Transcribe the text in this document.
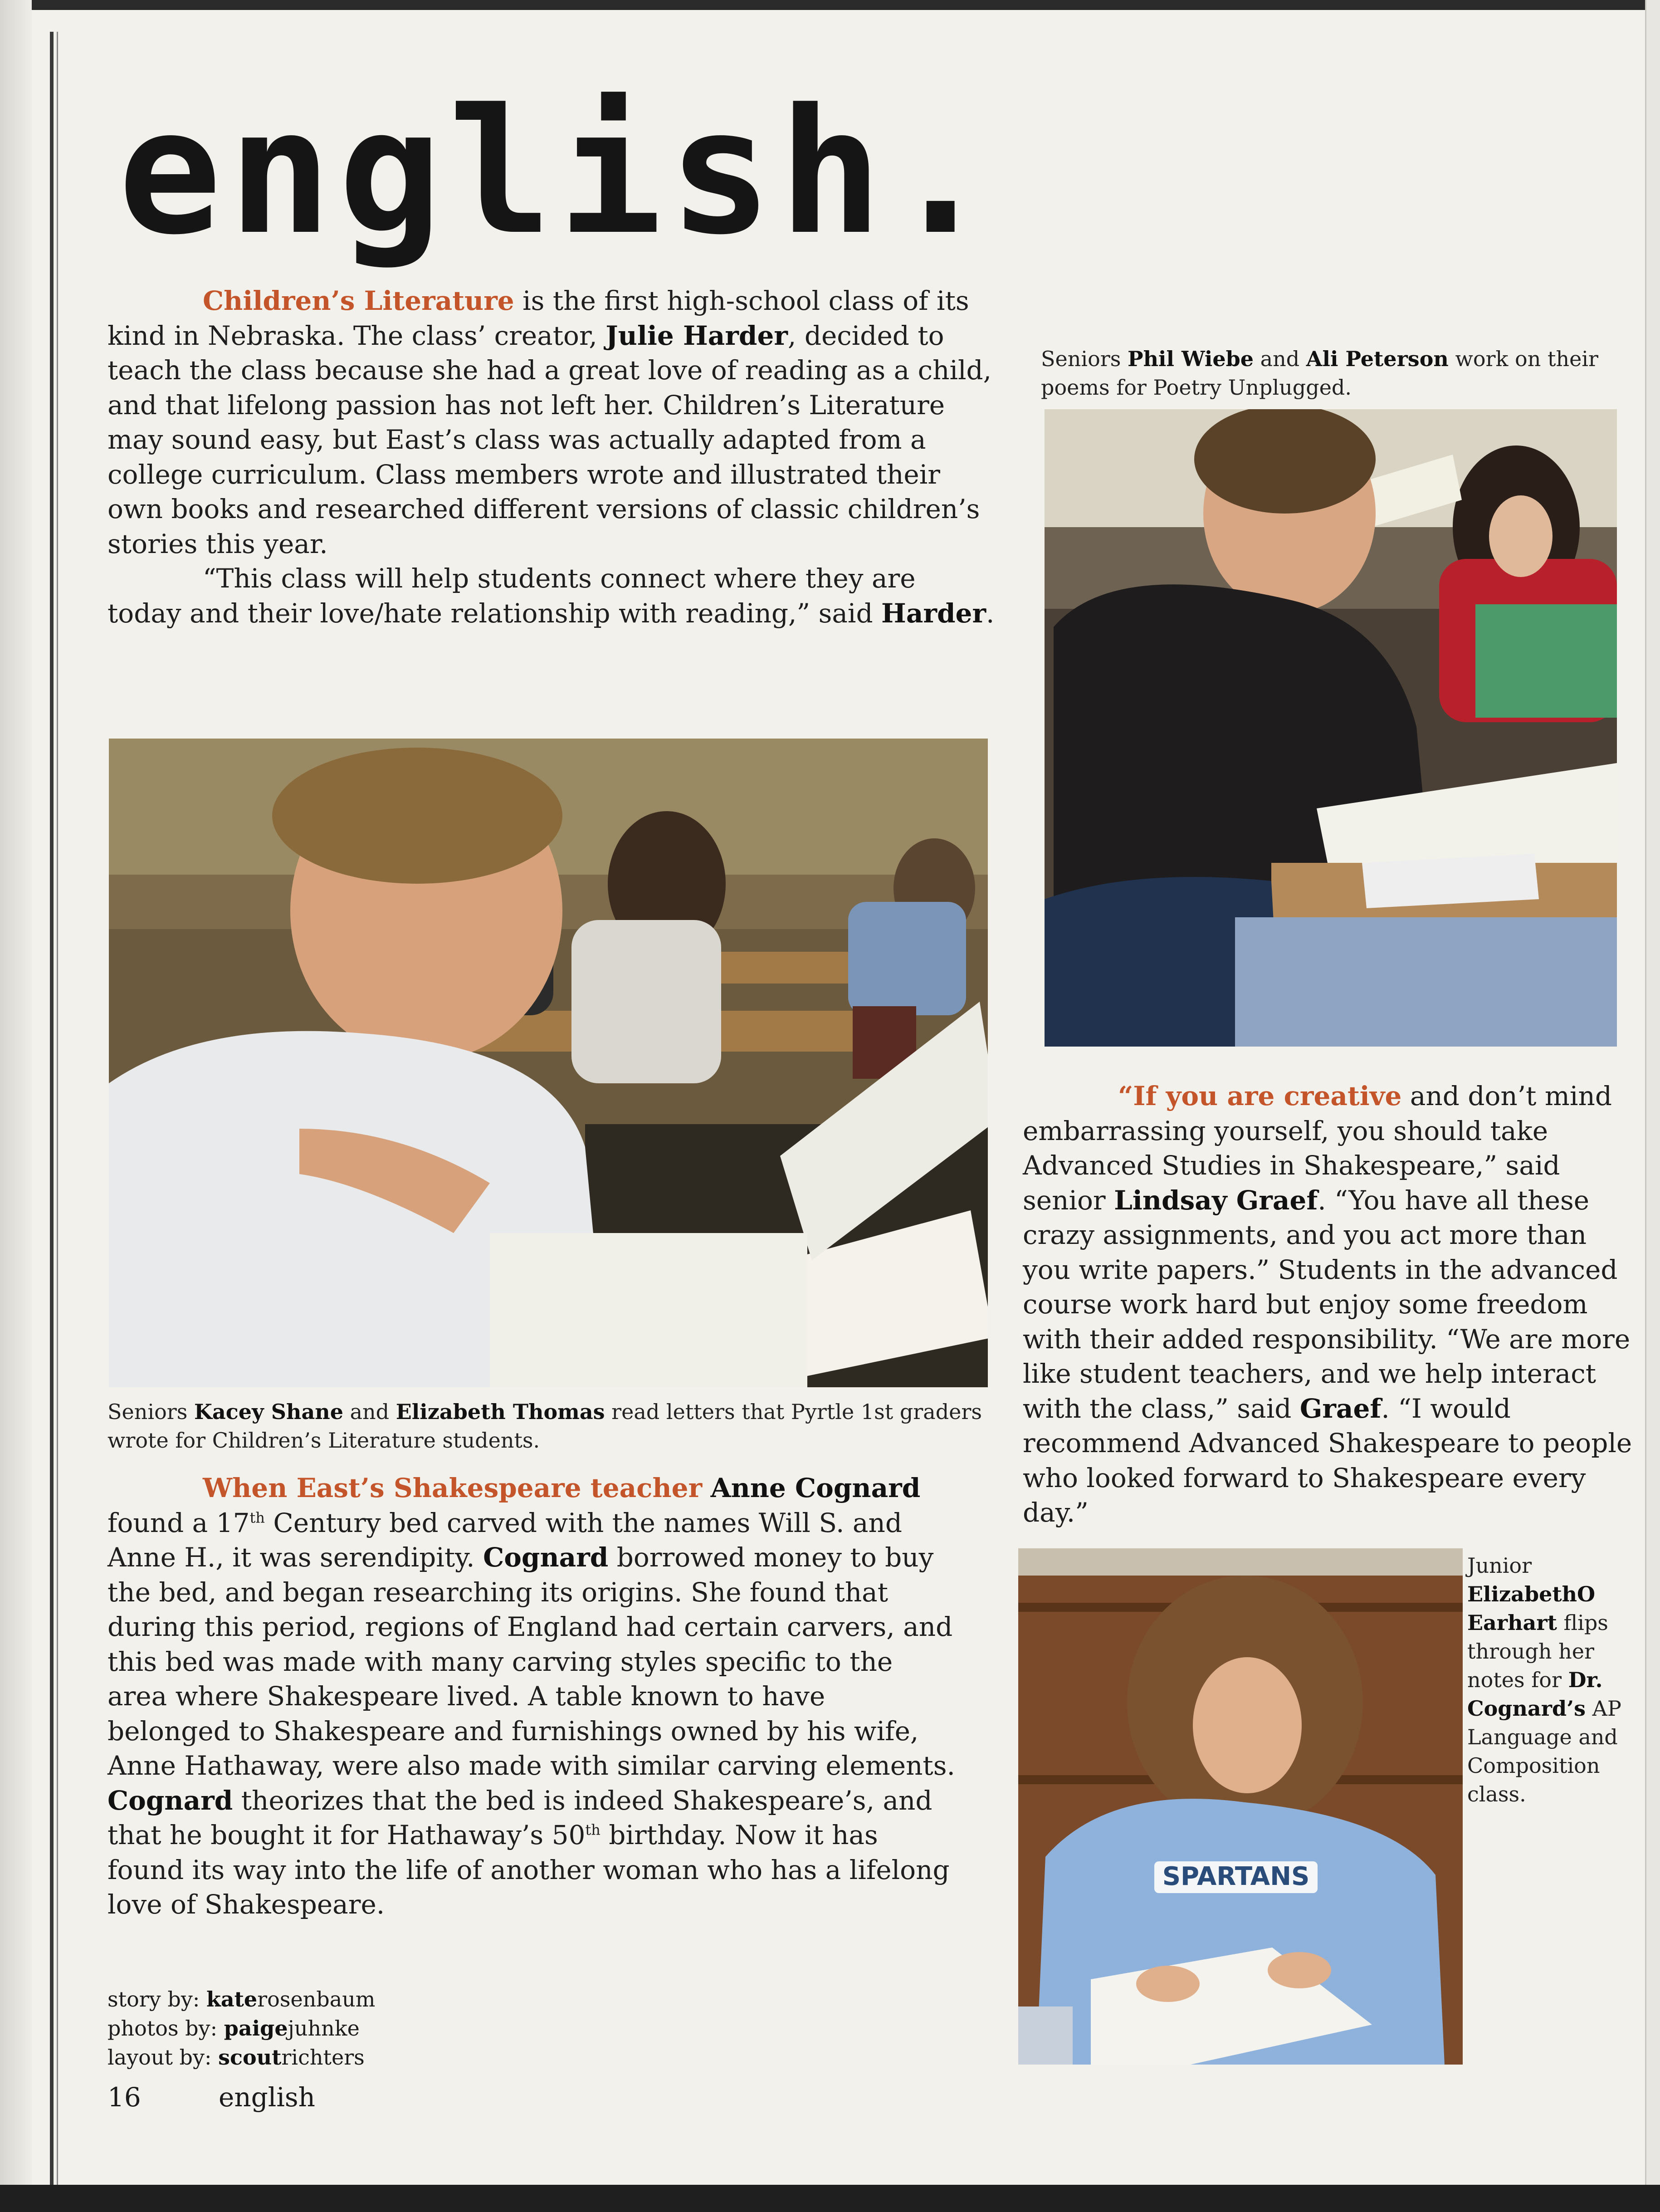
english.

Children’s Literature is the first high-school class of its kind in Nebraska. The class’ creator, Julie Harder, decided to teach the class because she had a great love of reading as a child, and that lifelong passion has not left her. Children’s Literature may sound easy, but East’s class was actually adapted from a college curriculum. Class members wrote and illustrated their own books and researched different versions of classic children’s stories this year.

“This class will help students connect where they are today and their love/hate relationship with reading,” said Harder.

Seniors Kacey Shane and Elizabeth Thomas read letters that Pyrtle 1st graders wrote for Children’s Literature students.

When East’s Shakespeare teacher Anne Cognard found a 17th Century bed carved with the names Will S. and Anne H., it was serendipity. Cognard borrowed money to buy the bed, and began researching its origins. She found that during this period, regions of England had certain carvers, and this bed was made with many carving styles specific to the area where Shakespeare lived. A table known to have belonged to Shakespeare and furnishings owned by his wife, Anne Hathaway, were also made with similar carving elements. Cognard theorizes that the bed is indeed Shakespeare’s, and that he bought it for Hathaway’s 50th birthday. Now it has found its way into the life of another woman who has a lifelong love of Shakespeare.

story by: katerosenbaum
photos by: paigejuhnke
layout by: scoutrichters
16	english
Seniors Phil Wiebe and Ali Peterson work on their poems for Poetry Unplugged.

“If you are creative and don’t mind embarrassing yourself, you should take Advanced Studies in Shakespeare,” said senior Lindsay Graef. “You have all these crazy assignments, and you act more than you write papers.” Students in the advanced course work hard but enjoy some freedom with their added responsibility. “We are more like student teachers, and we help interact with the class,” said Graef. “I would recommend Advanced Shakespeare to people who looked forward to Shakespeare every day.”

SPARTANS
Junior ElizabethO Earhart flips through her notes for Dr. Cognard’s AP Language and Composition class.
